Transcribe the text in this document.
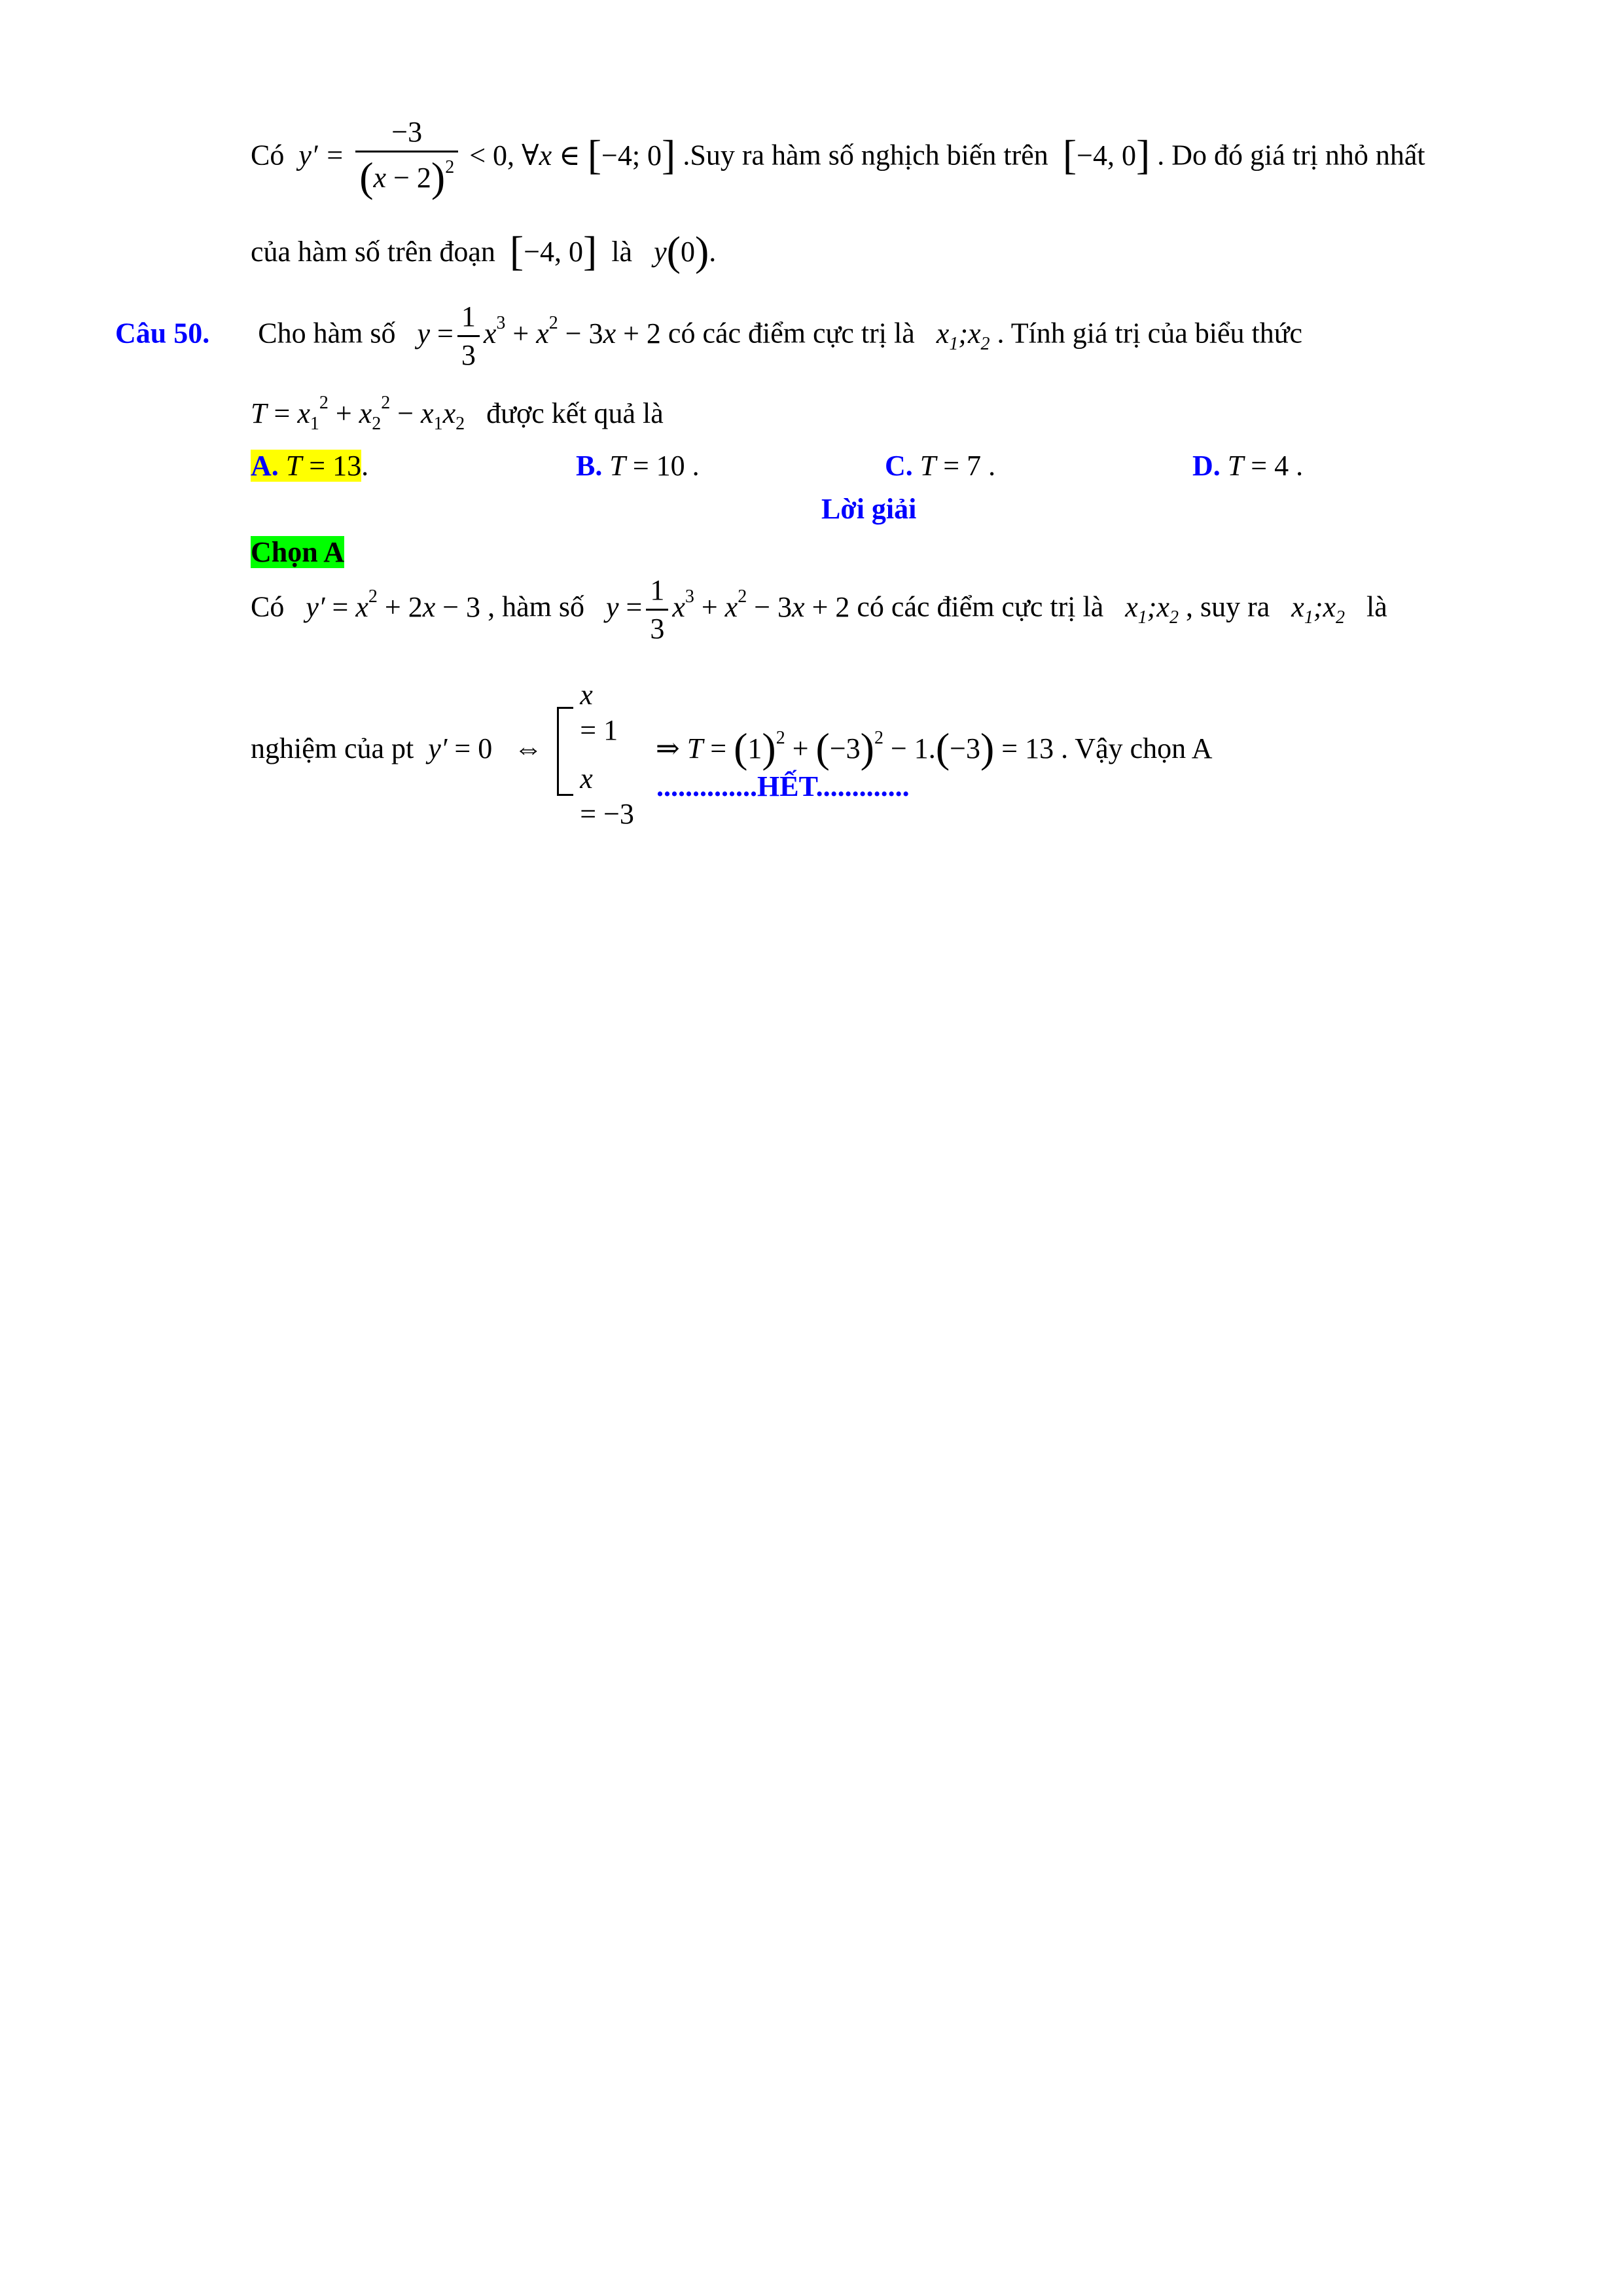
Có  $y' = \frac{-3}{(x - 2)^2} < 0$, ∀x ∈ [−4; 0] .Suy ra hàm số nghịch biến trên [−4, 0] . Do đó giá trị nhỏ nhất
của hàm số trên đoạn [−4, 0] là y(0).
Câu 50. Cho hàm số $y = \frac{1}{3} x^3 + x^2 - 3x + 2$ có các điểm cực trị là   $x_1;x_2$ . Tính giá trị của biểu thức
$T = x_1^2 + x_2^2 - x_1x_2$ được kết quả là
A. T = 13.	B. T = 10 .	C. T = 7 .	D. T = 4 .
Lời giải
Chọn A
Có $y' = x^2 + 2x - 3$ , hàm số $y = \frac{1}{3} x^3 + x^2 - 3x + 2$ có các điểm cực trị là   $x_1;x_2$ , suy ra   $x_1;x_2$ là
nghiệm của pt y′ = 0   ⇔
x
= 1
x
= −3
⇒ $T = (1)^2 + (-3)^2 - 1.(-3) = 13$ . Vậy chọn A
..............HẾT.............
